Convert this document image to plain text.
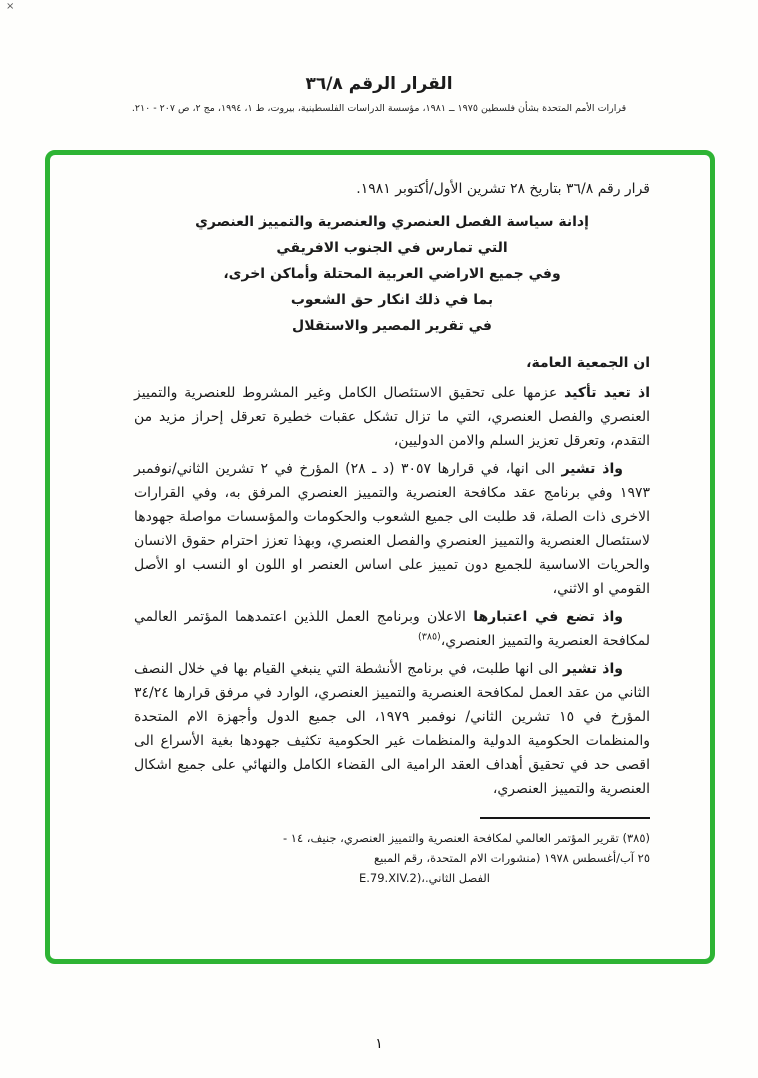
×
القرار الرقم ٣٦/٨

قرارات الأمم المتحدة بشأن فلسطين ١٩٧٥ ــ ١٩٨١، مؤسسة الدراسات الفلسطينية، بيروت، ط ١، ١٩٩٤، مج ٢، ص ٢٠٧ - ٢١٠.

قرار رقم ٣٦/٨ بتاريخ ٢٨ تشرين الأول/أكتوبر ١٩٨١.

إدانة سياسة الفصل العنصري والعنصرية والتمييز العنصري
التي تمارس في الجنوب الافريقي
وفي جميع الاراضي العربية المحتلة وأماكن اخرى،
بما في ذلك انكار حق الشعوب
في تقرير المصير والاستقلال

ان الجمعية العامة،

اذ تعيد تأكيد عزمها على تحقيق الاستئصال الكامل وغير المشروط للعنصرية والتمييز العنصري والفصل العنصري، التي ما تزال تشكل عقبات خطيرة تعرقل إحراز مزيد من التقدم، وتعرقل تعزيز السلم والامن الدوليين،

واذ تشير الى انها، في قرارها ٣٠٥٧ (د ـ ٢٨) المؤرخ في ٢ تشرين الثاني/نوفمبر ١٩٧٣ وفي برنامج عقد مكافحة العنصرية والتمييز العنصري المرفق به، وفي القرارات الاخرى ذات الصلة، قد طلبت الى جميع الشعوب والحكومات والمؤسسات مواصلة جهودها لاستئصال العنصرية والتمييز العنصري والفصل العنصري، وبهذا تعزز احترام حقوق الانسان والحريات الاساسية للجميع دون تمييز على اساس العنصر او اللون او النسب او الأصل القومي او الاثني،

واذ تضع في اعتبارها الاعلان وبرنامج العمل اللذين اعتمدهما المؤتمر العالمي لمكافحة العنصرية والتمييز العنصري،$^{(٣٨٥)}$

واذ تشير الى انها طلبت، في برنامج الأنشطة التي ينبغي القيام بها في خلال النصف الثاني من عقد العمل لمكافحة العنصرية والتمييز العنصري، الوارد في مرفق قرارها ٣٤/٢٤ المؤرخ في ١٥ تشرين الثاني/ نوفمبر ١٩٧٩، الى جميع الدول وأجهزة الام المتحدة والمنظمات الحكومية الدولية والمنظمات غير الحكومية تكثيف جهودها بغية الأسراع الى اقصى حد في تحقيق أهداف العقد الرامية الى القضاء الكامل والنهائي على جميع اشكال العنصرية والتمييز العنصري،

(٣٨٥) تقرير المؤتمر العالمي لمكافحة العنصرية والتمييز العنصري، جنيف، ١٤ -
٢٥ آب/أغسطس ١٩٧٨ (منشورات الام المتحدة، رقم المبيع
الفصل الثاني.E.79.XIV.2)،
١
